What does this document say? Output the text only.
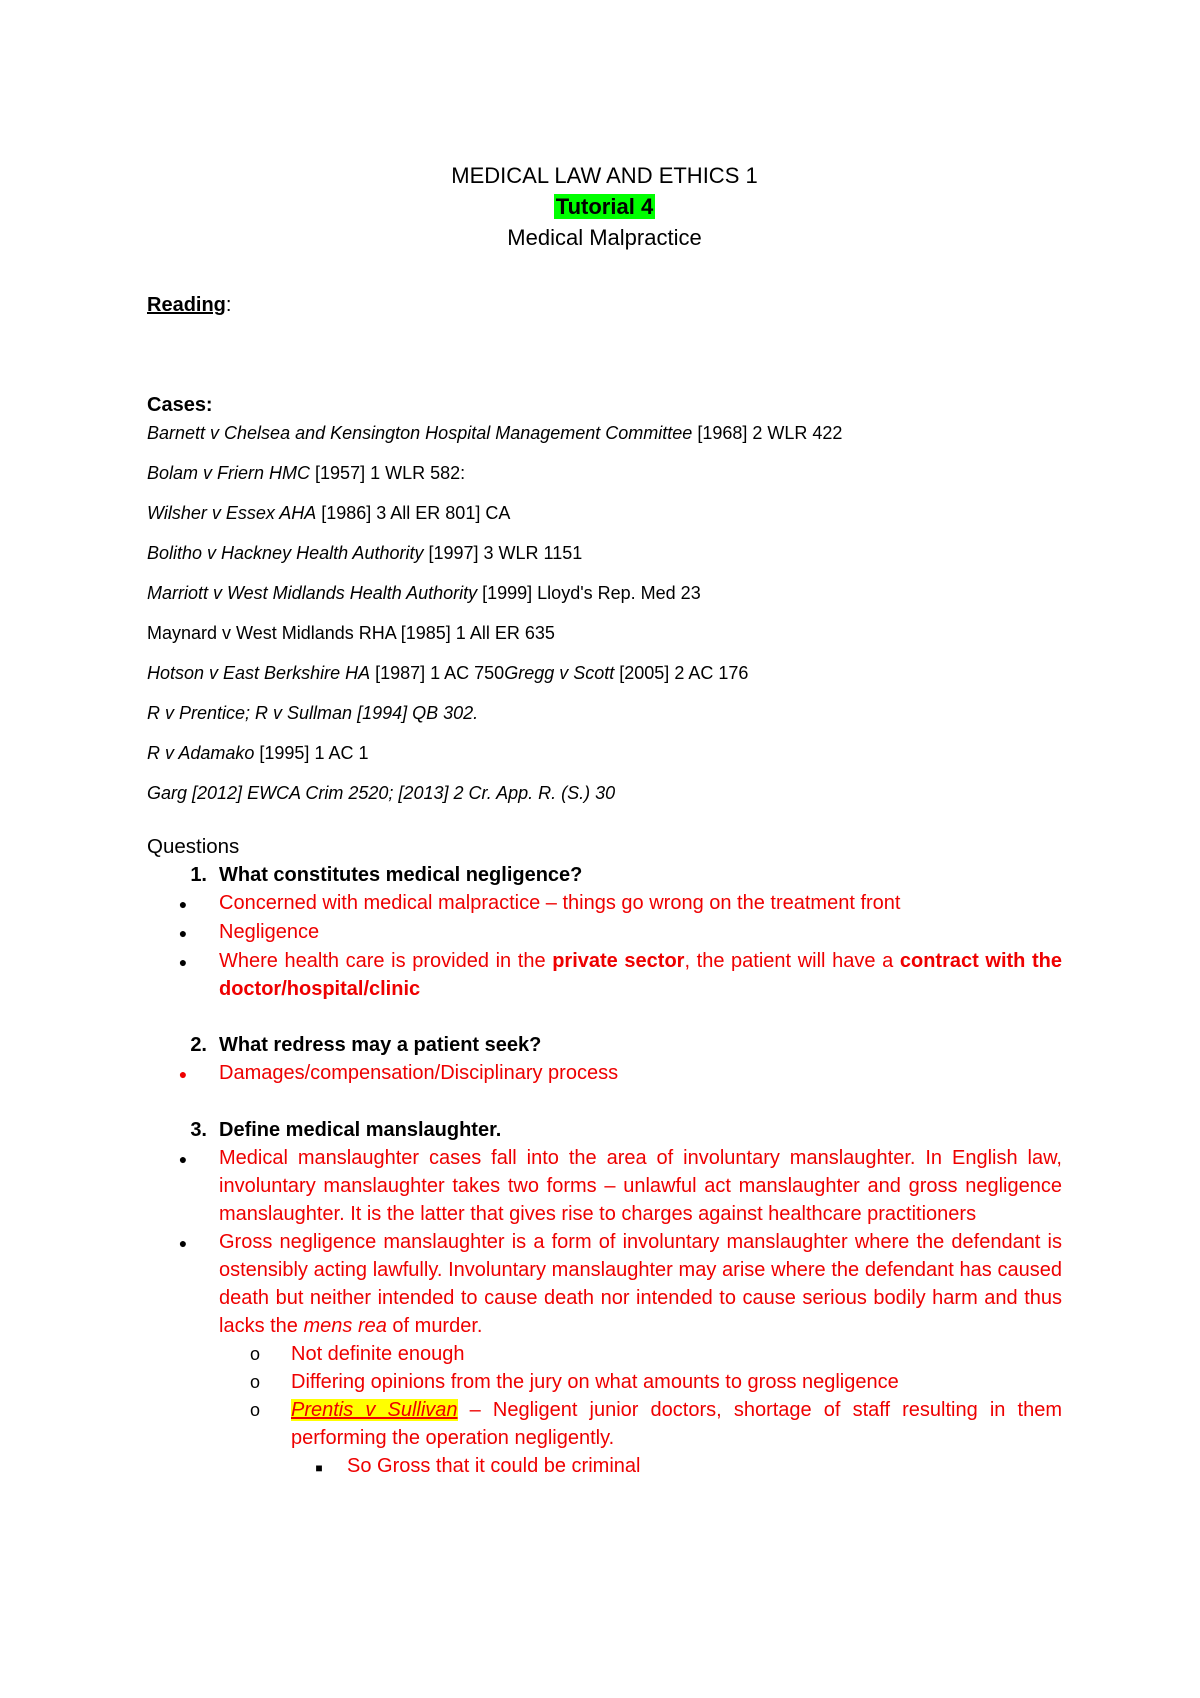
MEDICAL LAW AND ETHICS 1
Tutorial 4
Medical Malpractice
Reading:
Cases:
Barnett v Chelsea and Kensington Hospital Management Committee [1968] 2 WLR 422
Bolam v Friern HMC [1957] 1 WLR 582:
Wilsher v Essex AHA [1986] 3 All ER 801] CA
Bolitho v Hackney Health Authority [1997] 3 WLR 1151
Marriott v West Midlands Health Authority [1999] Lloyd's Rep. Med 23
Maynard v West Midlands RHA [1985] 1 All ER 635
Hotson v East Berkshire HA [1987] 1 AC 750Gregg v Scott [2005] 2 AC 176
R v Prentice; R v Sullman [1994] QB 302.
R v Adamako [1995] 1 AC 1
Garg [2012] EWCA Crim 2520; [2013] 2 Cr. App. R. (S.) 30
Questions
1. What constitutes medical negligence?
●	Concerned with medical malpractice – things go wrong on the treatment front
●	Negligence
●	Where health care is provided in the private sector, the patient will have a contract with the doctor/hospital/clinic
2. What redress may a patient seek?
●	Damages/compensation/Disciplinary process
3. Define medical manslaughter.
●	Medical manslaughter cases fall into the area of involuntary manslaughter. In English law, involuntary manslaughter takes two forms – unlawful act manslaughter and gross negligence manslaughter. It is the latter that gives rise to charges against healthcare practitioners
●	Gross negligence manslaughter is a form of involuntary manslaughter where the defendant is ostensibly acting lawfully. Involuntary manslaughter may arise where the defendant has caused death but neither intended to cause death nor intended to cause serious bodily harm and thus lacks the mens rea of murder.
o	Not definite enough
o	Differing opinions from the jury on what amounts to gross negligence
o	Prentis v Sullivan – Negligent junior doctors, shortage of staff resulting in them performing the operation negligently.
■	So Gross that it could be criminal
